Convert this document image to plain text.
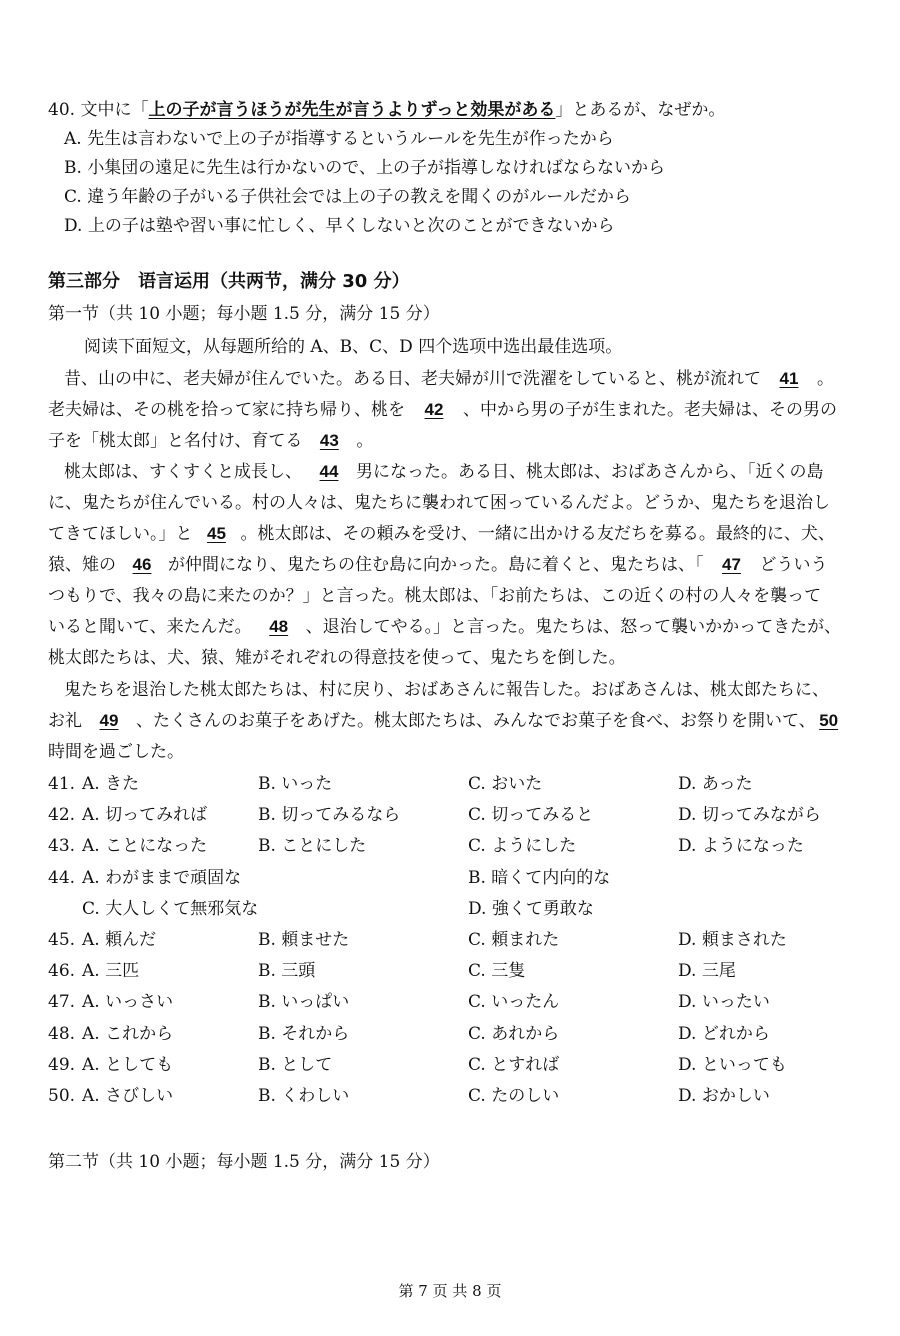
40. 文中に「上の子が言うほうが先生が言うよりずっと効果がある」とあるが、なぜか。
A. 先生は言わないで上の子が指導するというルールを先生が作ったから
B. 小集団の遠足に先生は行かないので、上の子が指導しなければならないから
C. 違う年齢の子がいる子供社会では上の子の教えを聞くのがルールだから
D. 上の子は塾や習い事に忙しく、早くしないと次のことができないから
第三部分　语言运用（共两节，满分 30 分）
第一节（共 10 小题；每小题 1.5 分，满分 15 分）
阅读下面短文，从每题所给的 A、B、C、D 四个选项中选出最佳选项。
昔、山の中に、老夫婦が住んでいた。ある日、老夫婦が川で洗濯をしていると、桃が流れて 41 。
老夫婦は、その桃を拾って家に持ち帰り、桃を 42 、中から男の子が生まれた。老夫婦は、その男の
子を「桃太郎」と名付け、育てる 43 。
桃太郎は、すくすくと成長し、 44 男になった。ある日、桃太郎は、おばあさんから、「近くの島
に、鬼たちが住んでいる。村の人々は、鬼たちに襲われて困っているんだよ。どうか、鬼たちを退治し
てきてほしい。」と 45 。桃太郎は、その頼みを受け、一緒に出かける友だちを募る。最終的に、犬、
猿、雉の 46 が仲間になり、鬼たちの住む島に向かった。島に着くと、鬼たちは、「 47 どういう
つもりで、我々の島に来たのか？」と言った。桃太郎は、「お前たちは、この近くの村の人々を襲って
いると聞いて、来たんだ。 48 、退治してやる。」と言った。鬼たちは、怒って襲いかかってきたが、
桃太郎たちは、犬、猿、雉がそれぞれの得意技を使って、鬼たちを倒した。
鬼たちを退治した桃太郎たちは、村に戻り、おばあさんに報告した。おばあさんは、桃太郎たちに、
お礼 49 、たくさんのお菓子をあげた。桃太郎たちは、みんなでお菓子を食べ、お祭りを開いて、 50
時間を過ごした。
41. A. きた	B. いった	C. おいた	D. あった
42. A. 切ってみれば	B. 切ってみるなら	C. 切ってみると	D. 切ってみながら
43. A. ことになった	B. ことにした	C. ようにした	D. ようになった
44. A. わがままで頑固な	B. 暗くて内向的な
C. 大人しくて無邪気な	D. 強くて勇敢な
45. A. 頼んだ	B. 頼ませた	C. 頼まれた	D. 頼まされた
46. A. 三匹	B. 三頭	C. 三隻	D. 三尾
47. A. いっさい	B. いっぱい	C. いったん	D. いったい
48. A. これから	B. それから	C. あれから	D. どれから
49. A. としても	B. として	C. とすれば	D. といっても
50. A. さびしい	B. くわしい	C. たのしい	D. おかしい
第二节（共 10 小题；每小题 1.5 分，满分 15 分）
第 7 页 共 8 页
